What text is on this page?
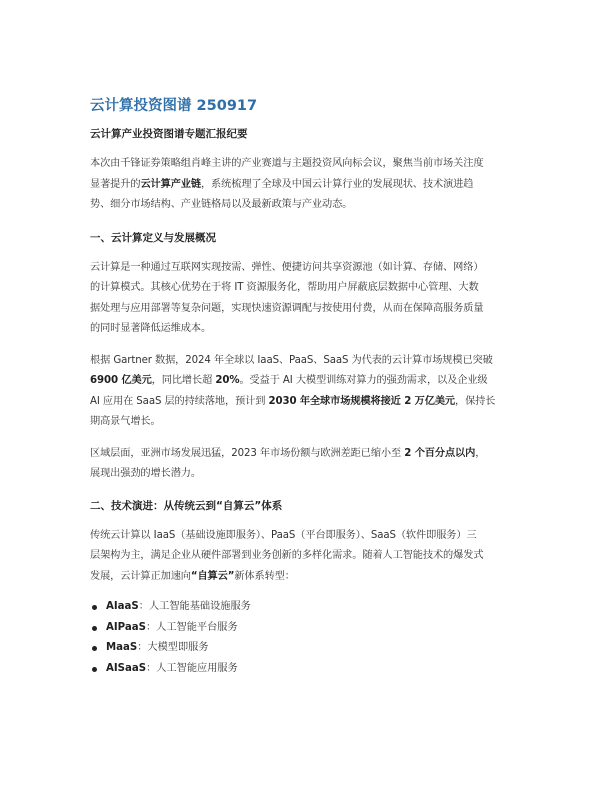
云计算投资图谱 250917
云计算产业投资图谱专题汇报纪要

本次由千锋证券策略组肖峰主讲的产业赛道与主题投资风向标会议，聚焦当前市场关注度
显著提升的云计算产业链，系统梳理了全球及中国云计算行业的发展现状、技术演进趋
势、细分市场结构、产业链格局以及最新政策与产业动态。

一、云计算定义与发展概况

云计算是一种通过互联网实现按需、弹性、便捷访问共享资源池（如计算、存储、网络）
的计算模式。其核心优势在于将 IT 资源服务化，帮助用户屏蔽底层数据中心管理、大数
据处理与应用部署等复杂问题，实现快速资源调配与按使用付费，从而在保障高服务质量
的同时显著降低运维成本。

根据 Gartner 数据，2024 年全球以 IaaS、PaaS、SaaS 为代表的云计算市场规模已突破
6900 亿美元，同比增长超 20%。受益于 AI 大模型训练对算力的强劲需求，以及企业级
AI 应用在 SaaS 层的持续落地，预计到 2030 年全球市场规模将接近 2 万亿美元，保持长
期高景气增长。

区域层面，亚洲市场发展迅猛，2023 年市场份额与欧洲差距已缩小至 2 个百分点以内，
展现出强劲的增长潜力。

二、技术演进：从传统云到“自算云”体系

传统云计算以 IaaS（基础设施即服务）、PaaS（平台即服务）、SaaS（软件即服务）三
层架构为主，满足企业从硬件部署到业务创新的多样化需求。随着人工智能技术的爆发式
发展，云计算正加速向“自算云”新体系转型：

AIaaS：人工智能基础设施服务
AIPaaS：人工智能平台服务
MaaS：大模型即服务
AISaaS：人工智能应用服务
